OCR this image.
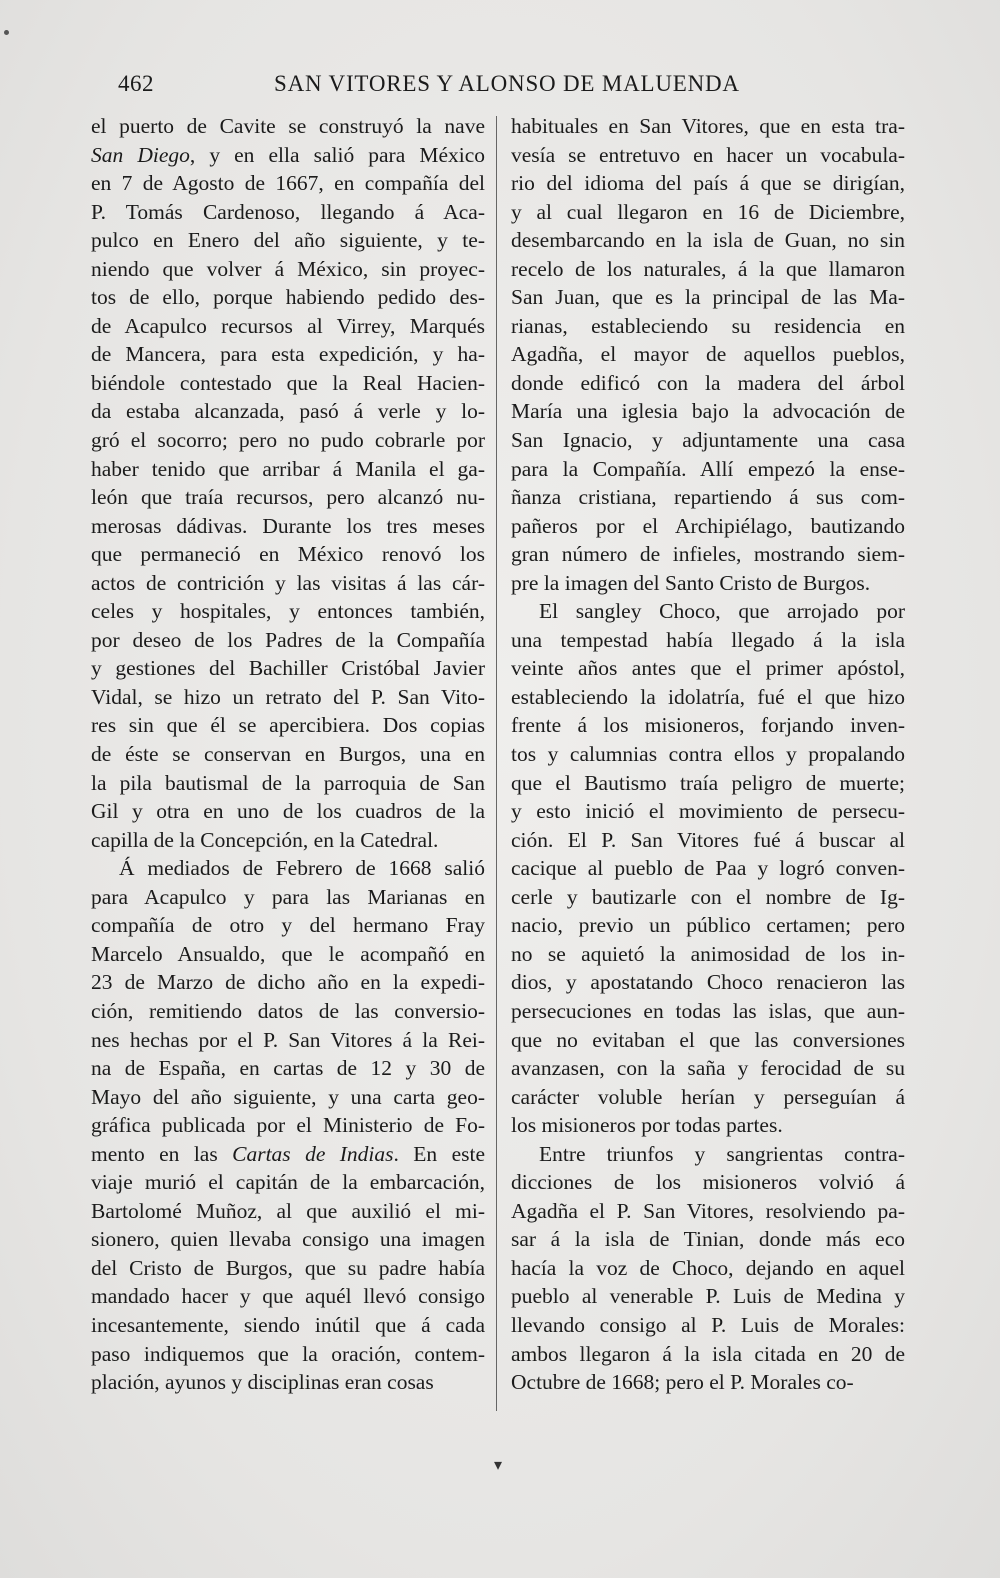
462	SAN VITORES Y ALONSO DE MALUENDA
el puerto de Cavite se construyó la nave
San Diego, y en ella salió para México
en 7 de Agosto de 1667, en compañía del
P. Tomás Cardenoso, llegando á Aca-
pulco en Enero del año siguiente, y te-
niendo que volver á México, sin proyec-
tos de ello, porque habiendo pedido des-
de Acapulco recursos al Virrey, Marqués
de Mancera, para esta expedición, y ha-
biéndole contestado que la Real Hacien-
da estaba alcanzada, pasó á verle y lo-
gró el socorro; pero no pudo cobrarle por
haber tenido que arribar á Manila el ga-
león que traía recursos, pero alcanzó nu-
merosas dádivas. Durante los tres meses
que permaneció en México renovó los
actos de contrición y las visitas á las cár-
celes y hospitales, y entonces también,
por deseo de los Padres de la Compañía
y gestiones del Bachiller Cristóbal Javier
Vidal, se hizo un retrato del P. San Vito-
res sin que él se apercibiera. Dos copias
de éste se conservan en Burgos, una en
la pila bautismal de la parroquia de San
Gil y otra en uno de los cuadros de la
capilla de la Concepción, en la Catedral.
Á mediados de Febrero de 1668 salió
para Acapulco y para las Marianas en
compañía de otro y del hermano Fray
Marcelo Ansualdo, que le acompañó en
23 de Marzo de dicho año en la expedi-
ción, remitiendo datos de las conversio-
nes hechas por el P. San Vitores á la Rei-
na de España, en cartas de 12 y 30 de
Mayo del año siguiente, y una carta geo-
gráfica publicada por el Ministerio de Fo-
mento en las Cartas de Indias. En este
viaje murió el capitán de la embarcación,
Bartolomé Muñoz, al que auxilió el mi-
sionero, quien llevaba consigo una imagen
del Cristo de Burgos, que su padre había
mandado hacer y que aquél llevó consigo
incesantemente, siendo inútil que á cada
paso indiquemos que la oración, contem-
plación, ayunos y disciplinas eran cosas
habituales en San Vitores, que en esta tra-
vesía se entretuvo en hacer un vocabula-
rio del idioma del país á que se dirigían,
y al cual llegaron en 16 de Diciembre,
desembarcando en la isla de Guan, no sin
recelo de los naturales, á la que llamaron
San Juan, que es la principal de las Ma-
rianas, estableciendo su residencia en
Agadña, el mayor de aquellos pueblos,
donde edificó con la madera del árbol
María una iglesia bajo la advocación de
San Ignacio, y adjuntamente una casa
para la Compañía. Allí empezó la ense-
ñanza cristiana, repartiendo á sus com-
pañeros por el Archipiélago, bautizando
gran número de infieles, mostrando siem-
pre la imagen del Santo Cristo de Burgos.
El sangley Choco, que arrojado por
una tempestad había llegado á la isla
veinte años antes que el primer apóstol,
estableciendo la idolatría, fué el que hizo
frente á los misioneros, forjando inven-
tos y calumnias contra ellos y propalando
que el Bautismo traía peligro de muerte;
y esto inició el movimiento de persecu-
ción. El P. San Vitores fué á buscar al
cacique al pueblo de Paa y logró conven-
cerle y bautizarle con el nombre de Ig-
nacio, previo un público certamen; pero
no se aquietó la animosidad de los in-
dios, y apostatando Choco renacieron las
persecuciones en todas las islas, que aun-
que no evitaban el que las conversiones
avanzasen, con la saña y ferocidad de su
carácter voluble herían y perseguían á
los misioneros por todas partes.
Entre triunfos y sangrientas contra-
dicciones de los misioneros volvió á
Agadña el P. San Vitores, resolviendo pa-
sar á la isla de Tinian, donde más eco
hacía la voz de Choco, dejando en aquel
pueblo al venerable P. Luis de Medina y
llevando consigo al P. Luis de Morales:
ambos llegaron á la isla citada en 20 de
Octubre de 1668; pero el P. Morales co-
▾
